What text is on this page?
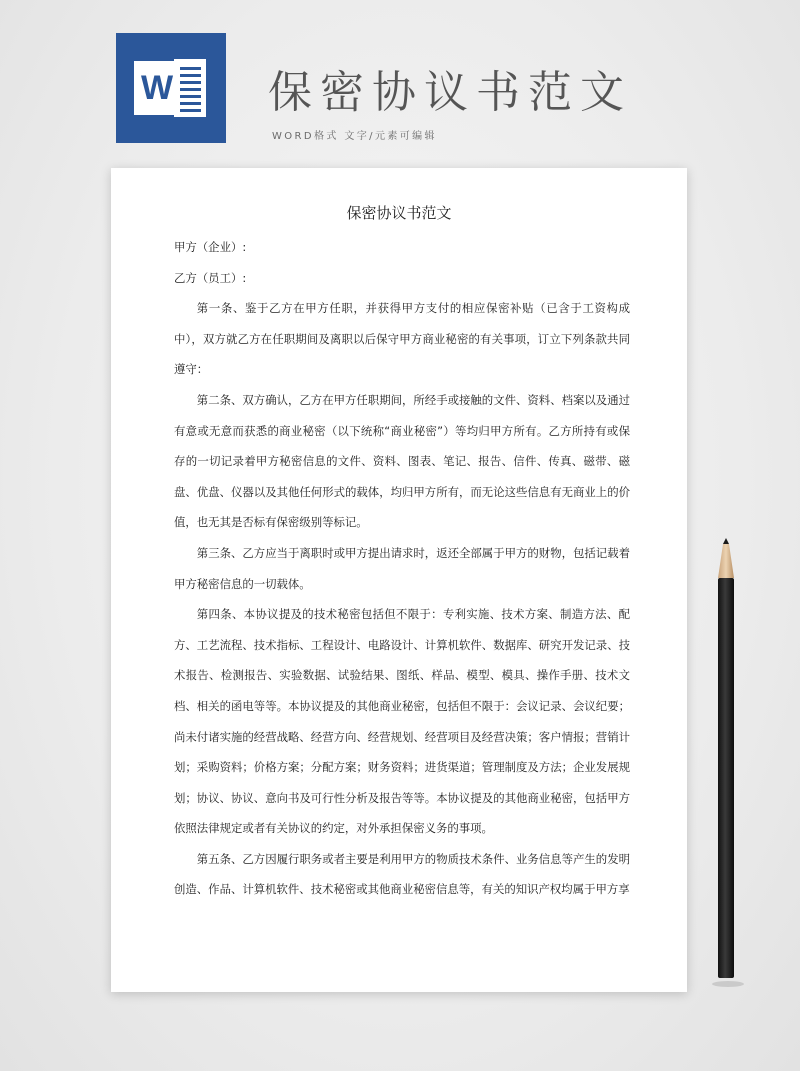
W 保密协议书范文
WORD格式 文字/元素可编辑
保密协议书范文

甲方（企业）:

乙方（员工）:

第一条、鉴于乙方在甲方任职，并获得甲方支付的相应保密补贴（已含于工资构成中），双方就乙方在任职期间及离职以后保守甲方商业秘密的有关事项，订立下列条款共同遵守：

第二条、双方确认，乙方在甲方任职期间，所经手或接触的文件、资料、档案以及通过有意或无意而获悉的商业秘密（以下统称“商业秘密”）等均归甲方所有。乙方所持有或保存的一切记录着甲方秘密信息的文件、资料、图表、笔记、报告、信件、传真、磁带、磁盘、优盘、仪器以及其他任何形式的载体，均归甲方所有，而无论这些信息有无商业上的价值，也无其是否标有保密级别等标记。

第三条、乙方应当于离职时或甲方提出请求时，返还全部属于甲方的财物，包括记载着甲方秘密信息的一切载体。

第四条、本协议提及的技术秘密包括但不限于：专利实施、技术方案、制造方法、配方、工艺流程、技术指标、工程设计、电路设计、计算机软件、数据库、研究开发记录、技术报告、检测报告、实验数据、试验结果、图纸、样品、模型、模具、操作手册、技术文档、相关的函电等等。本协议提及的其他商业秘密，包括但不限于：会议记录、会议纪要；尚未付诸实施的经营战略、经营方向、经营规划、经营项目及经营决策；客户情报；营销计划；采购资料；价格方案；分配方案；财务资料；进货渠道；管理制度及方法；企业发展规划；协议、协议、意向书及可行性分析及报告等等。本协议提及的其他商业秘密，包括甲方依照法律规定或者有关协议的约定，对外承担保密义务的事项。

第五条、乙方因履行职务或者主要是利用甲方的物质技术条件、业务信息等产生的发明创造、作品、计算机软件、技术秘密或其他商业秘密信息等，有关的知识产权均属于甲方享
